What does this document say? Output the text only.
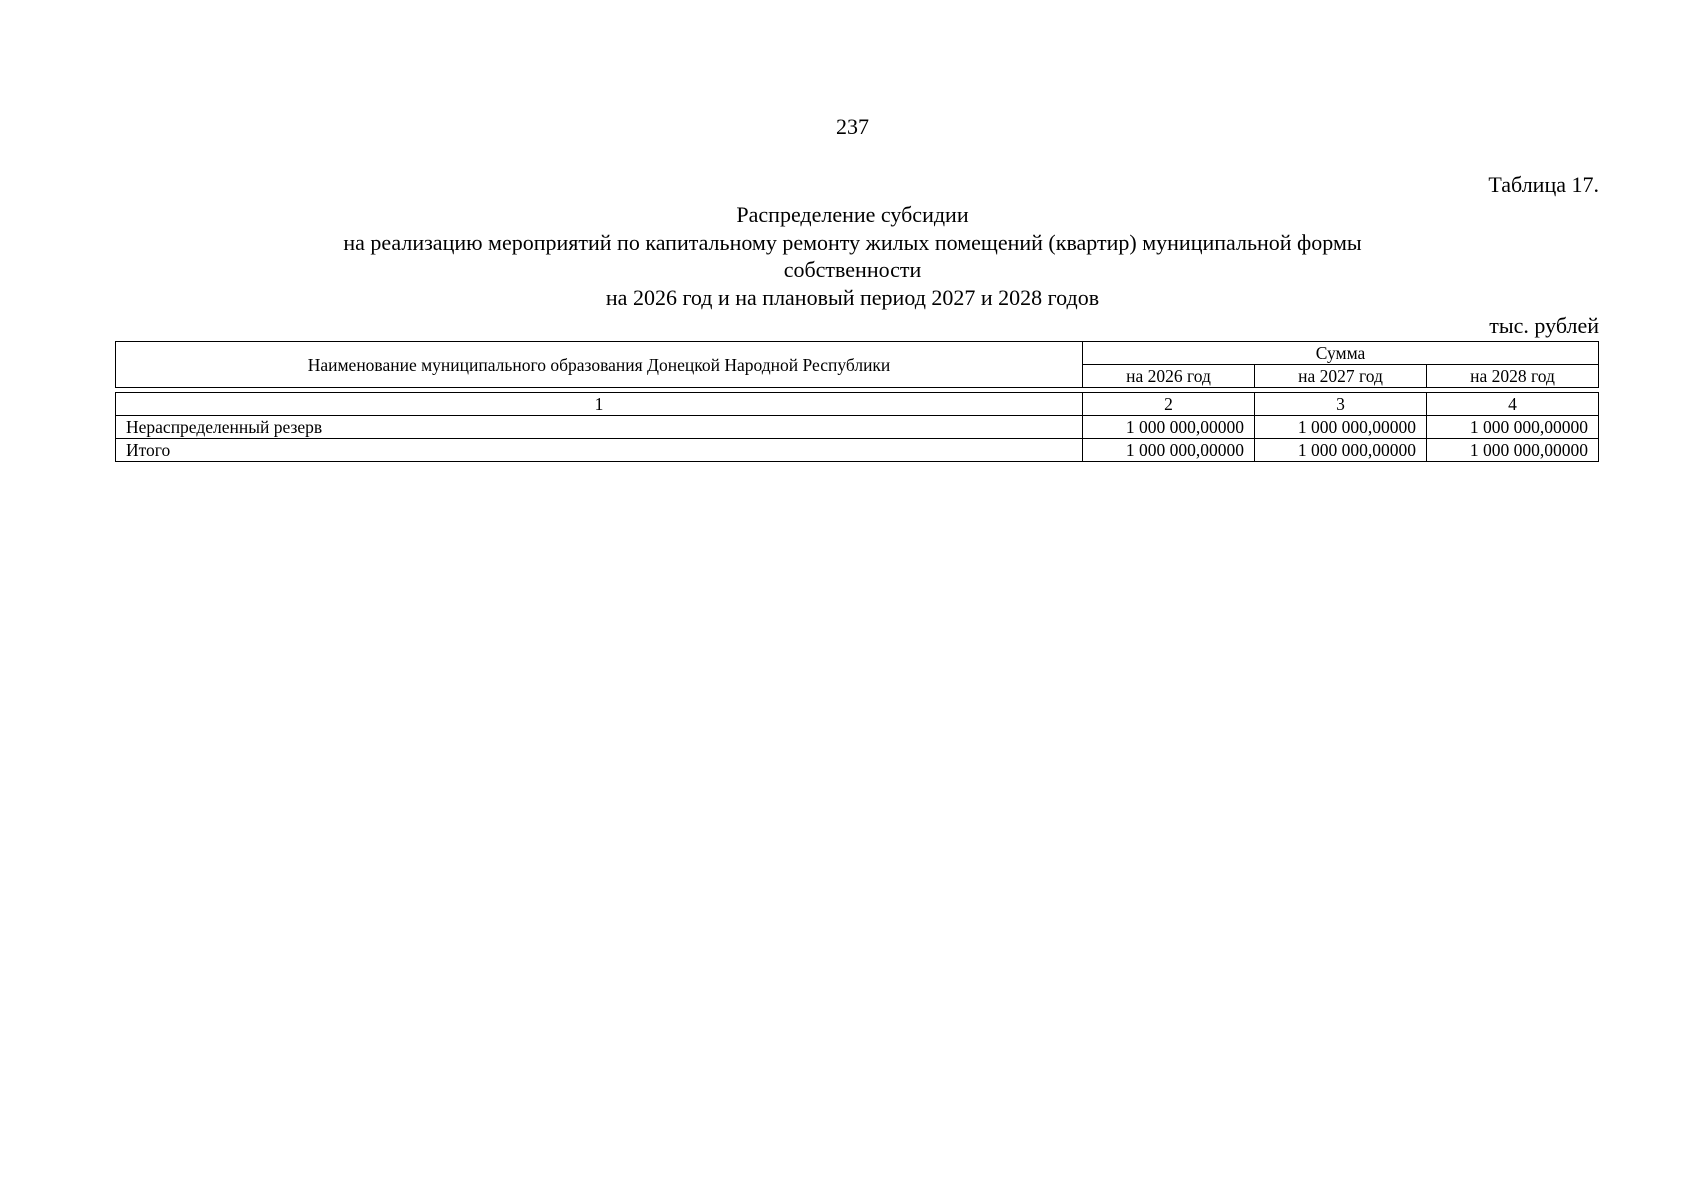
237
Таблица 17.
Распределение субсидии
на реализацию мероприятий по капитальному ремонту жилых помещений (квартир) муниципальной формы
собственности
на 2026 год и на плановый период 2027 и 2028 годов
тыс. рублей
Наименование муниципального образования Донецкой Народной Республики	Сумма		
	на 2026 год	на 2027 год	на 2028 год
1	2	3	4
Нераспределенный резерв	1 000 000,00000	1 000 000,00000	1 000 000,00000
Итого	1 000 000,00000	1 000 000,00000	1 000 000,00000
